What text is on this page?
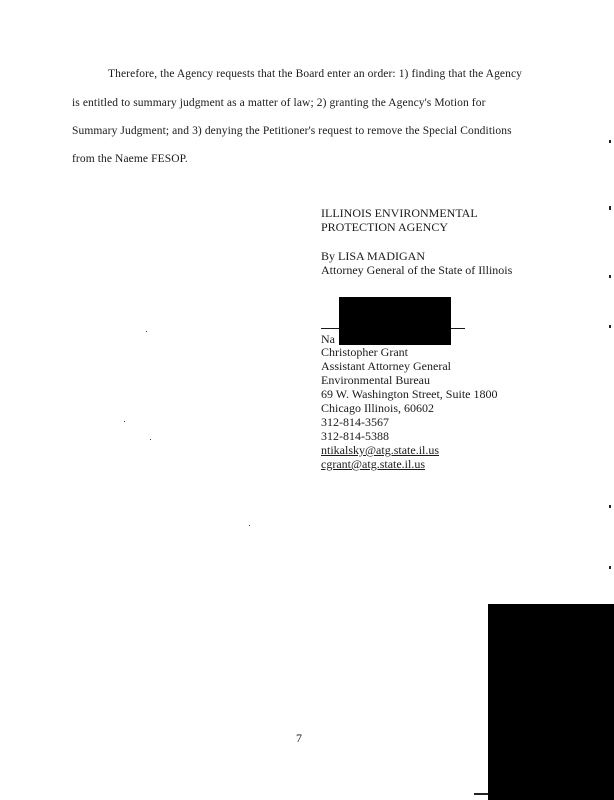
Therefore, the Agency requests that the Board enter an order: 1) finding that the Agency
is entitled to summary judgment as a matter of law; 2) granting the Agency's Motion for
Summary Judgment; and 3) denying the Petitioner's request to remove the Special Conditions
from the Naeme FESOP.
ILLINOIS ENVIRONMENTAL
PROTECTION AGENCY
By LISA MADIGAN
Attorney General of the State of Illinois
Na
Christopher Grant
Assistant Attorney General
Environmental Bureau
69 W. Washington Street, Suite 1800
Chicago Illinois, 60602
312-814-3567
312-814-5388
ntikalsky@atg.state.il.us
cgrant@atg.state.il.us
7
